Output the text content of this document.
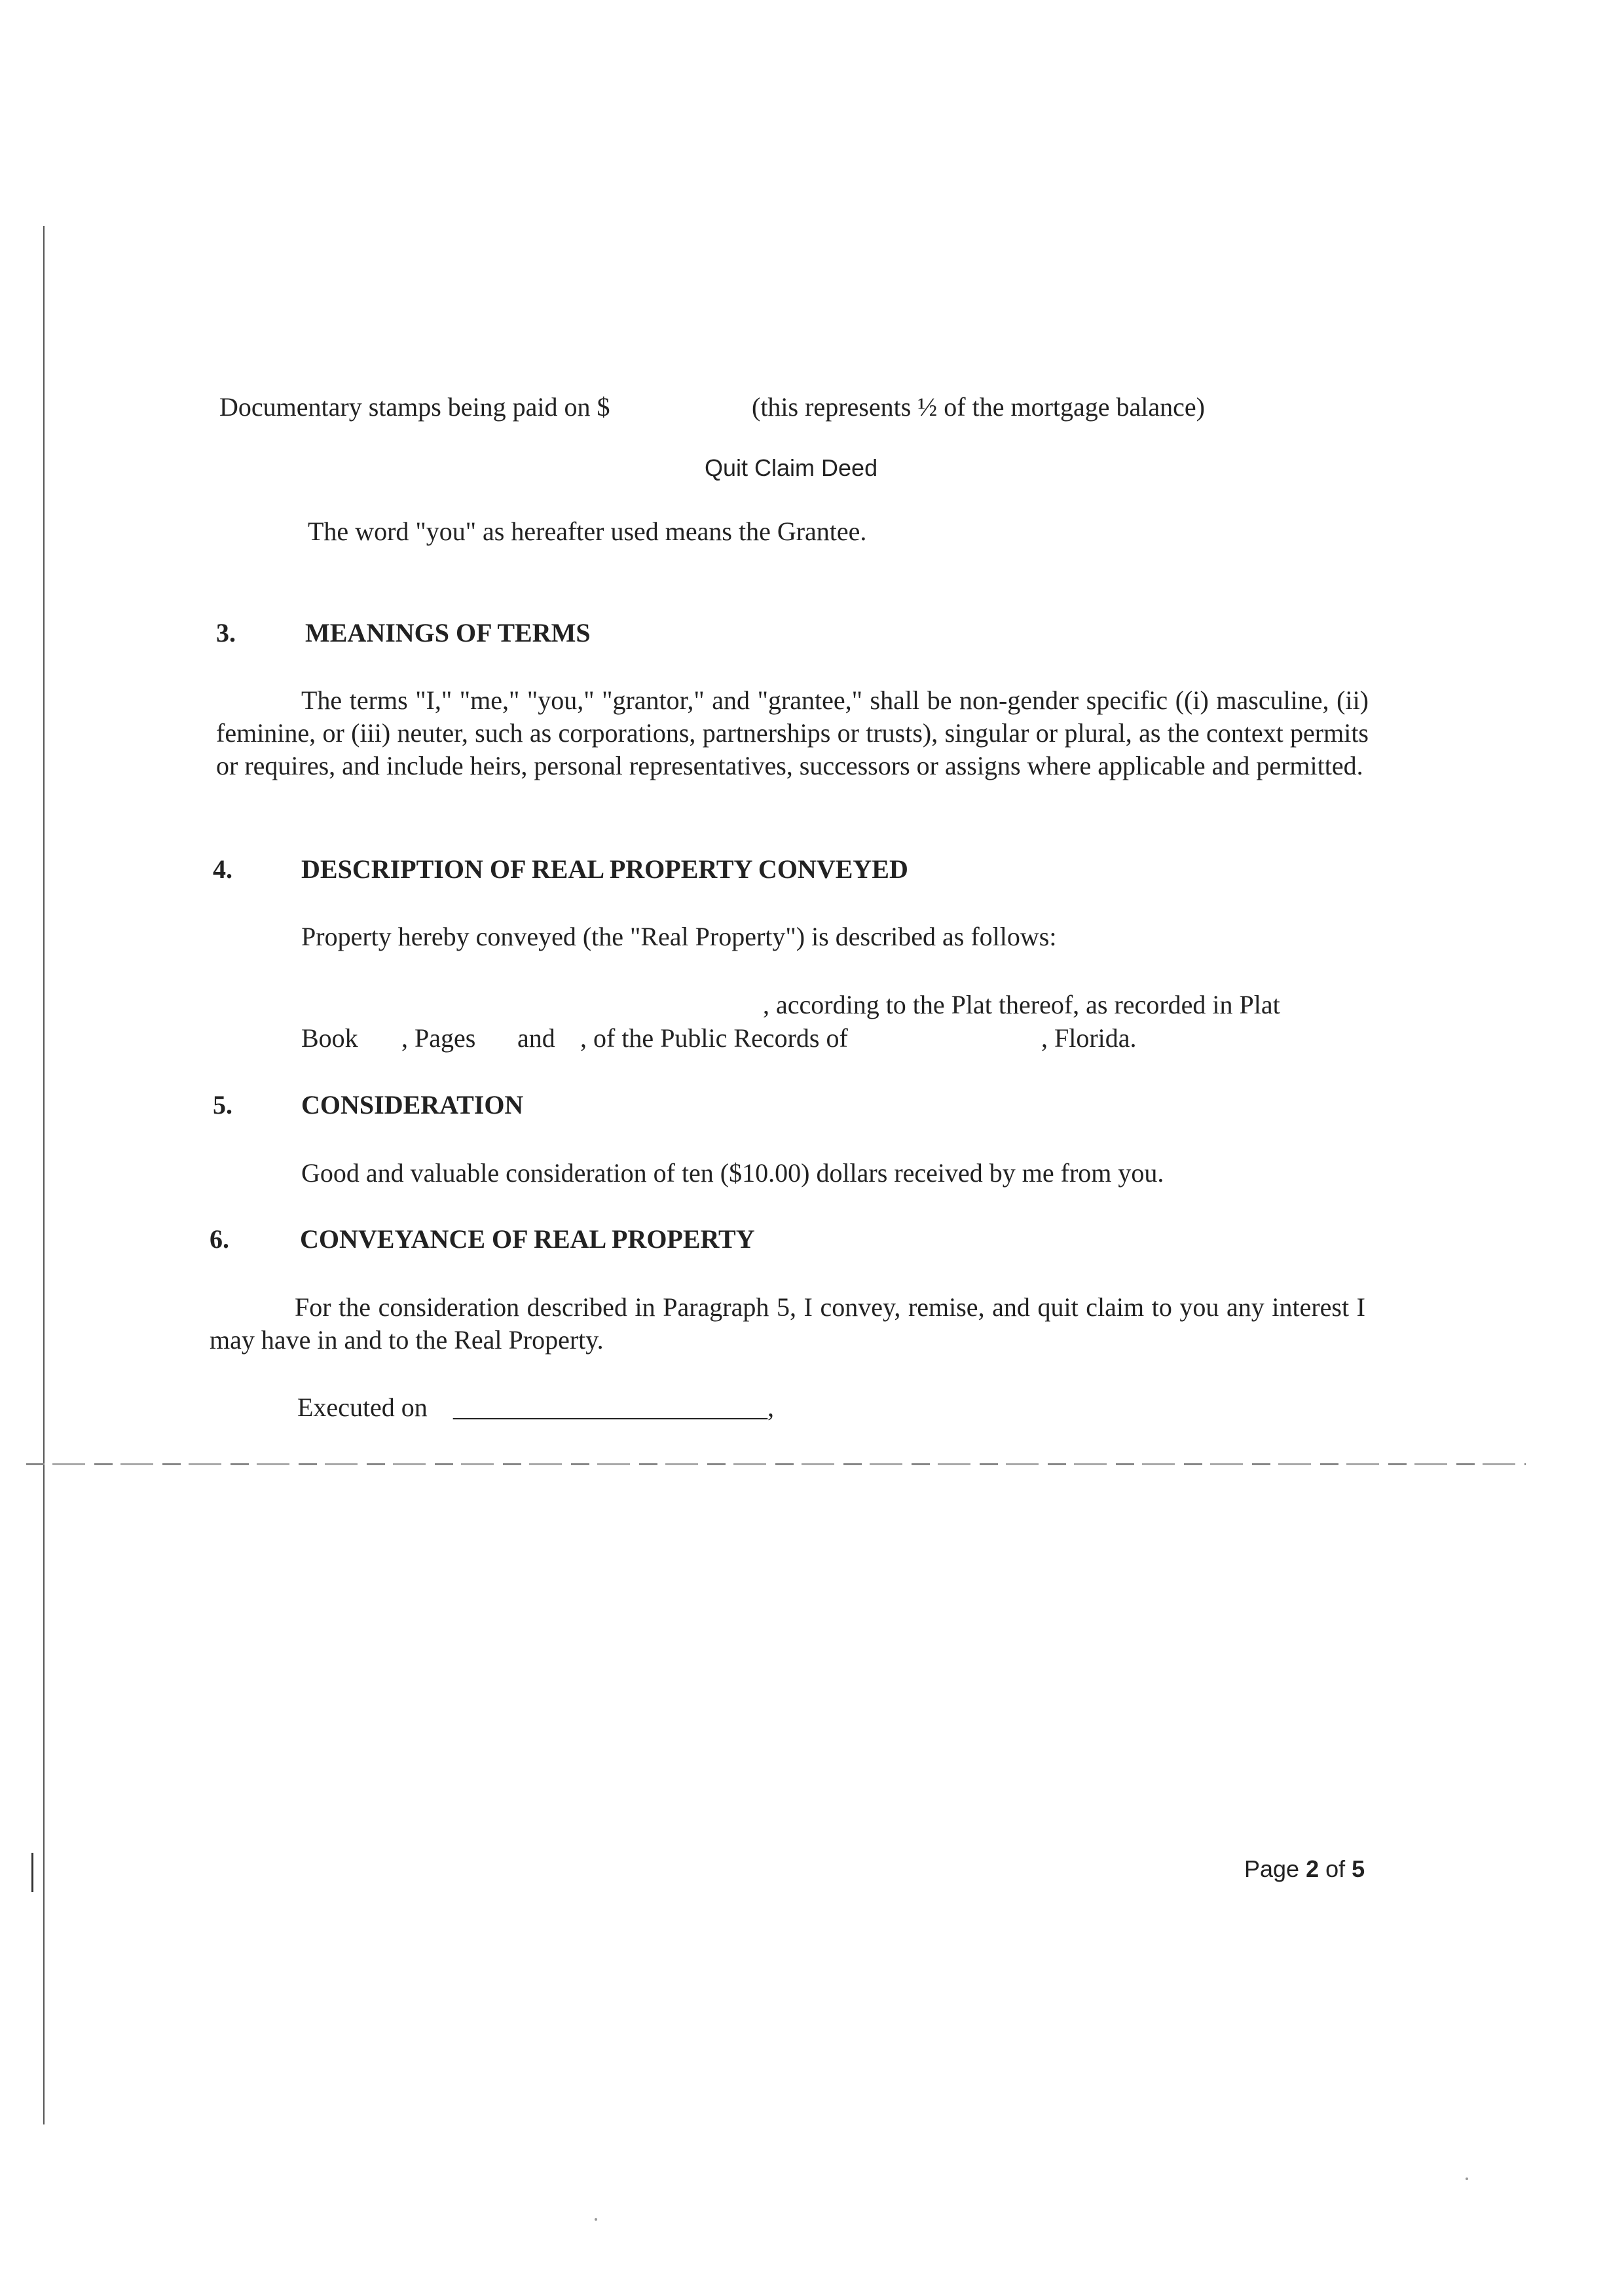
Documentary stamps being paid on $	(this represents ½ of the mortgage balance)
Quit Claim Deed
The word "you" as hereafter used means the Grantee.
3.	MEANINGS OF TERMS
The terms "I," "me," "you," "grantor," and "grantee," shall be non-gender specific ((i) masculine, (ii) feminine, or (iii) neuter, such as corporations, partnerships or trusts), singular or plural, as the context permits or requires, and include heirs, personal representatives, successors or assigns where applicable and permitted.
4.	DESCRIPTION OF REAL PROPERTY CONVEYED
Property hereby conveyed (the "Real Property") is described as follows:
, according to the Plat thereof, as recorded in Plat
Book , Pages and , of the Public Records of	, Florida.
5.	CONSIDERATION
Good and valuable consideration of ten ($10.00) dollars received by me from you.
6.	CONVEYANCE OF REAL PROPERTY
For the consideration described in Paragraph 5, I convey, remise, and quit claim to you any interest I may have in and to the Real Property.
Executed on ________________________,
Page 2 of 5
